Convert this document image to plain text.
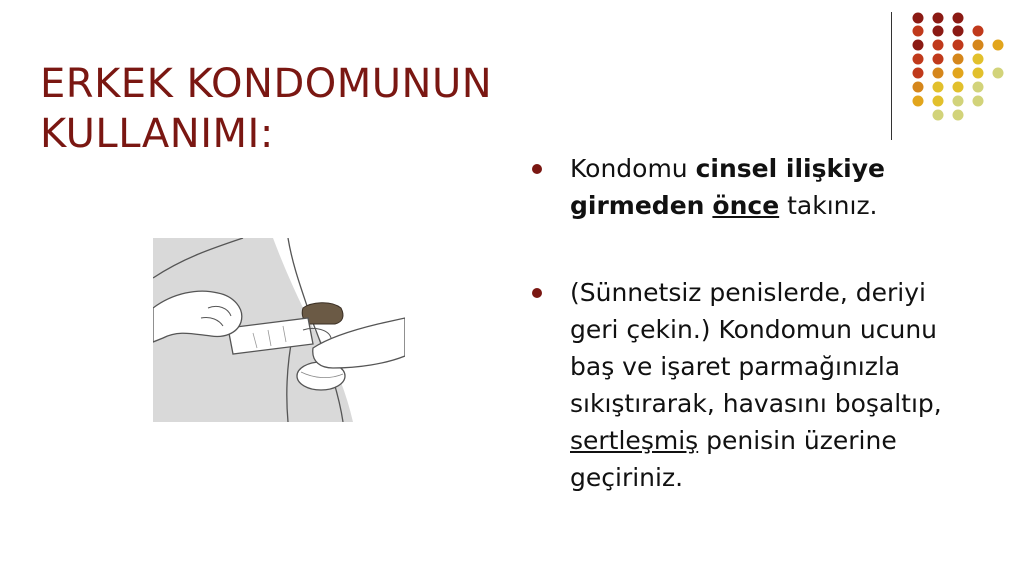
ERKEK KONDOMUNUN
KULLANIMI:
Kondomu cinsel ilişkiye girmeden önce takınız.
(Sünnetsiz penislerde, deriyi geri çekin.) Kondomun ucunu baş ve işaret parmağınızla sıkıştırarak, havasını boşaltıp, sertleşmiş penisin üzerine geçiriniz.
